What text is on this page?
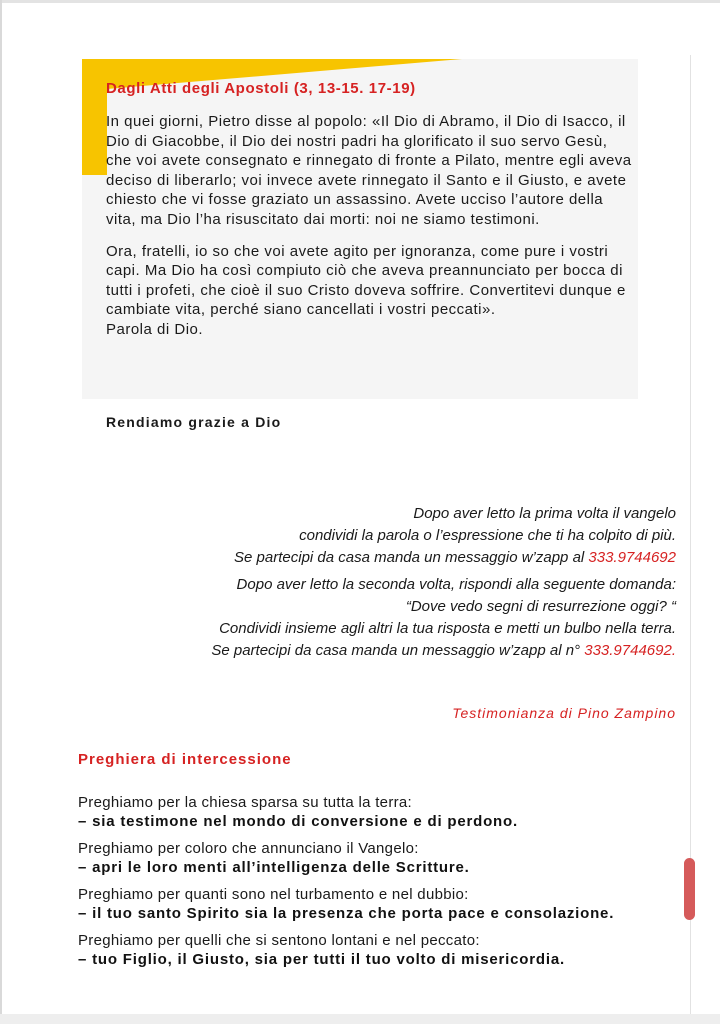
Dagli Atti degli Apostoli (3, 13-15. 17-19)

In quei giorni, Pietro disse al popolo: «Il Dio di Abramo, il Dio di Isacco, il Dio di Giacobbe, il Dio dei nostri padri ha glorificato il suo servo Gesù, che voi avete consegnato e rinnegato di fronte a Pilato, mentre egli aveva deciso di liberarlo; voi invece avete rinnegato il Santo e il Giusto, e avete chiesto che vi fosse graziato un assassino. Avete ucciso l’autore della vita, ma Dio l’ha risuscitato dai morti: noi ne siamo testimoni.

Ora, fratelli, io so che voi avete agito per ignoranza, come pure i vostri capi. Ma Dio ha così compiuto ciò che aveva preannunciato per bocca di tutti i profeti, che cioè il suo Cristo doveva soffrire. Convertitevi dunque e cambiate vita, perché siano cancellati i vostri peccati».
Parola di Dio.

Rendiamo grazie a Dio
Dopo aver letto la prima volta il vangelo
condividi la parola o l’espressione che ti ha colpito di più.
Se partecipi da casa manda un messaggio w’zapp al 333.9744692
Dopo aver letto la seconda volta, rispondi alla seguente domanda:
“Dove vedo segni di resurrezione oggi? “
Condividi insieme agli altri la tua risposta e metti un bulbo nella terra.
Se partecipi da casa manda un messaggio w’zapp al n° 333.9744692.
Testimonianza di Pino Zampino
Preghiera di intercessione
Preghiamo per la chiesa sparsa su tutta la terra:
– sia testimone nel mondo di conversione e di perdono.
Preghiamo per coloro che annunciano il Vangelo:
– apri le loro menti all’intelligenza delle Scritture.
Preghiamo per quanti sono nel turbamento e nel dubbio:
– il tuo santo Spirito sia la presenza che porta pace e consolazione.
Preghiamo per quelli che si sentono lontani e nel peccato:
– tuo Figlio, il Giusto, sia per tutti il tuo volto di misericordia.
